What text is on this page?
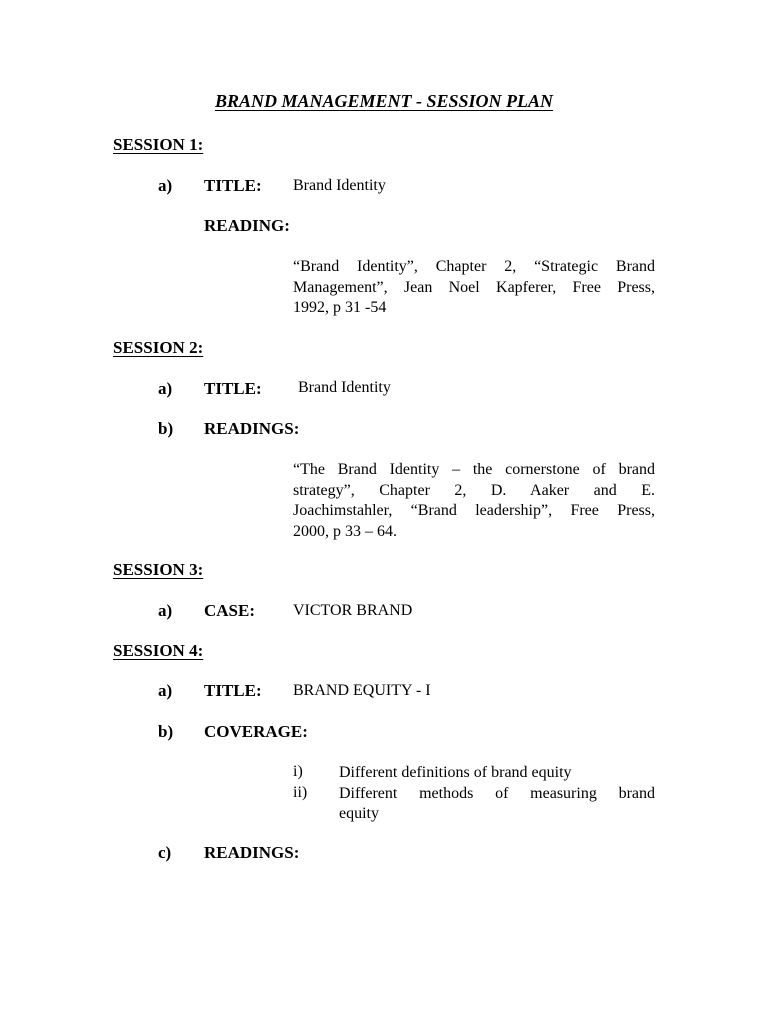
BRAND MANAGEMENT - SESSION PLAN
SESSION 1:
a) TITLE: Brand Identity
READING:
“Brand Identity”, Chapter 2, “Strategic Brand
Management”, Jean Noel Kapferer, Free Press,
1992, p 31 -54
SESSION 2:
a) TITLE: Brand Identity
b) READINGS:
“The Brand Identity – the cornerstone of brand
strategy”, Chapter 2, D. Aaker and E.
Joachimstahler, “Brand leadership”, Free Press,
2000, p 33 – 64.
SESSION 3:
a) CASE: VICTOR BRAND
SESSION 4:
a) TITLE: BRAND EQUITY - I
b) COVERAGE:
i) Different definitions of brand equity
ii) Different methods of measuring brand
equity
c) READINGS:
